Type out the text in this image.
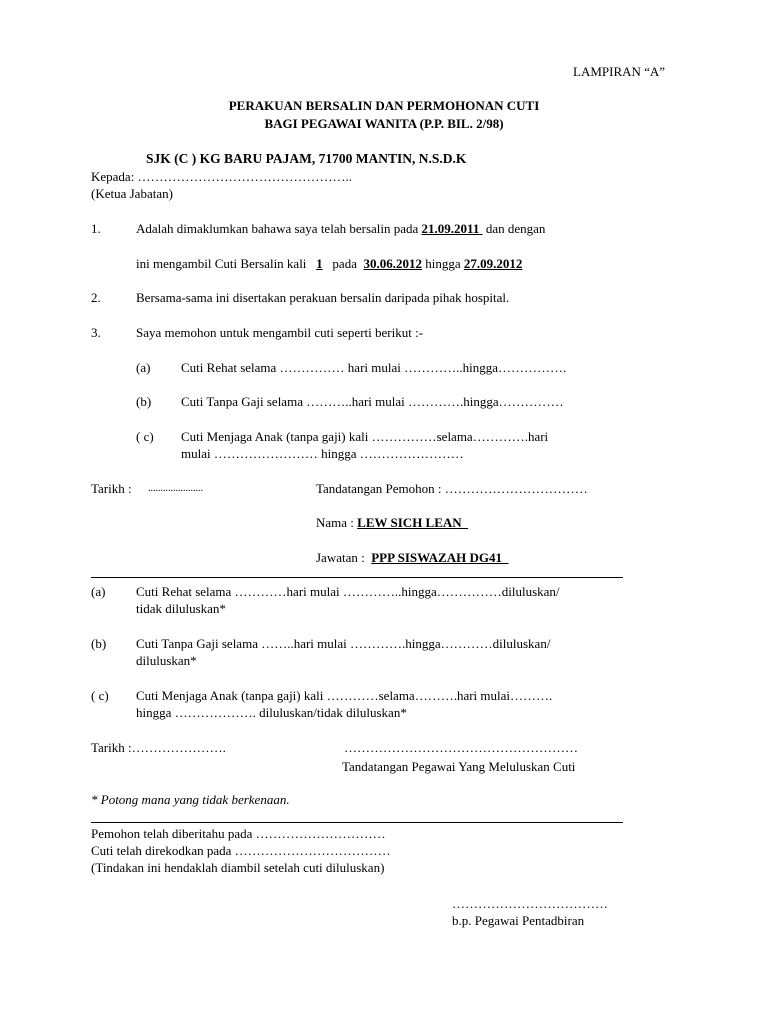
LAMPIRAN “A”
PERAKUAN BERSALIN DAN PERMOHONAN CUTI
BAGI PEGAWAI WANITA (P.P. BIL. 2/98)
SJK (C ) KG BARU PAJAM, 71700 MANTIN, N.S.D.K
Kepada: …………………………………………..
(Ketua Jabatan)
1.	Adalah dimaklumkan bahawa saya telah bersalin pada 21.09.2011 dan dengan
ini mengambil Cuti Bersalin kali 1 pada 30.06.2012 hingga 27.09.2012
2.	Bersama-sama ini disertakan perakuan bersalin daripada pihak hospital.
3.	Saya memohon untuk mengambil cuti seperti berikut :-
(a) Cuti Rehat selama …………… hari mulai …………..hingga…………….
(b) Cuti Tanpa Gaji selama ………..hari mulai ………….hingga……………
( c) Cuti Menjaga Anak (tanpa gaji) kali ……………selama………….hari
mulai …………………… hingga ……………………
Tarikh : ......................	Tandatangan Pemohon : ……………………………
Nama : LEW SICH LEAN
Jawatan : PPP SISWAZAH DG41
(a) Cuti Rehat selama …………hari mulai …………..hingga……………diluluskan/
tidak diluluskan*
(b) Cuti Tanpa Gaji selama ……..hari mulai ………….hingga…………diluluskan/
diluluskan*
( c) Cuti Menjaga Anak (tanpa gaji) kali …………selama……….hari mulai……….
hingga ………………. diluluskan/tidak diluluskan*
Tarikh :………………….	………………………………………………
Tandatangan Pegawai Yang Meluluskan Cuti
* Potong mana yang tidak berkenaan.
Pemohon telah diberitahu pada …………………………
Cuti telah direkodkan pada ………………………………
(Tindakan ini hendaklah diambil setelah cuti diluluskan)
………………………………
b.p. Pegawai Pentadbiran
